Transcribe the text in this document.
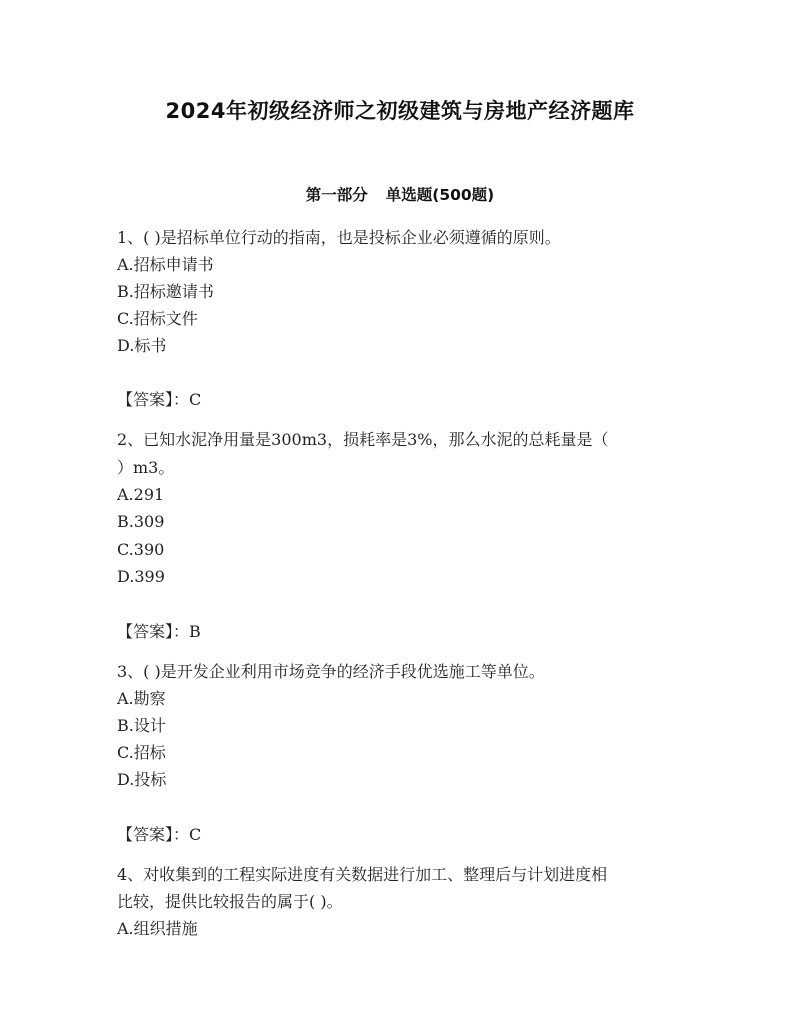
2024年初级经济师之初级建筑与房地产经济题库
第一部分 单选题(500题)
1、( )是招标单位行动的指南，也是投标企业必须遵循的原则。
A.招标申请书
B.招标邀请书
C.招标文件
D.标书
【答案】：C
2、已知水泥净用量是300m3，损耗率是3%，那么水泥的总耗量是（
）m3。
A.291
B.309
C.390
D.399
【答案】：B
3、( )是开发企业利用市场竞争的经济手段优选施工等单位。
A.勘察
B.设计
C.招标
D.投标
【答案】：C
4、对收集到的工程实际进度有关数据进行加工、整理后与计划进度相
比较，提供比较报告的属于( )。
A.组织措施
